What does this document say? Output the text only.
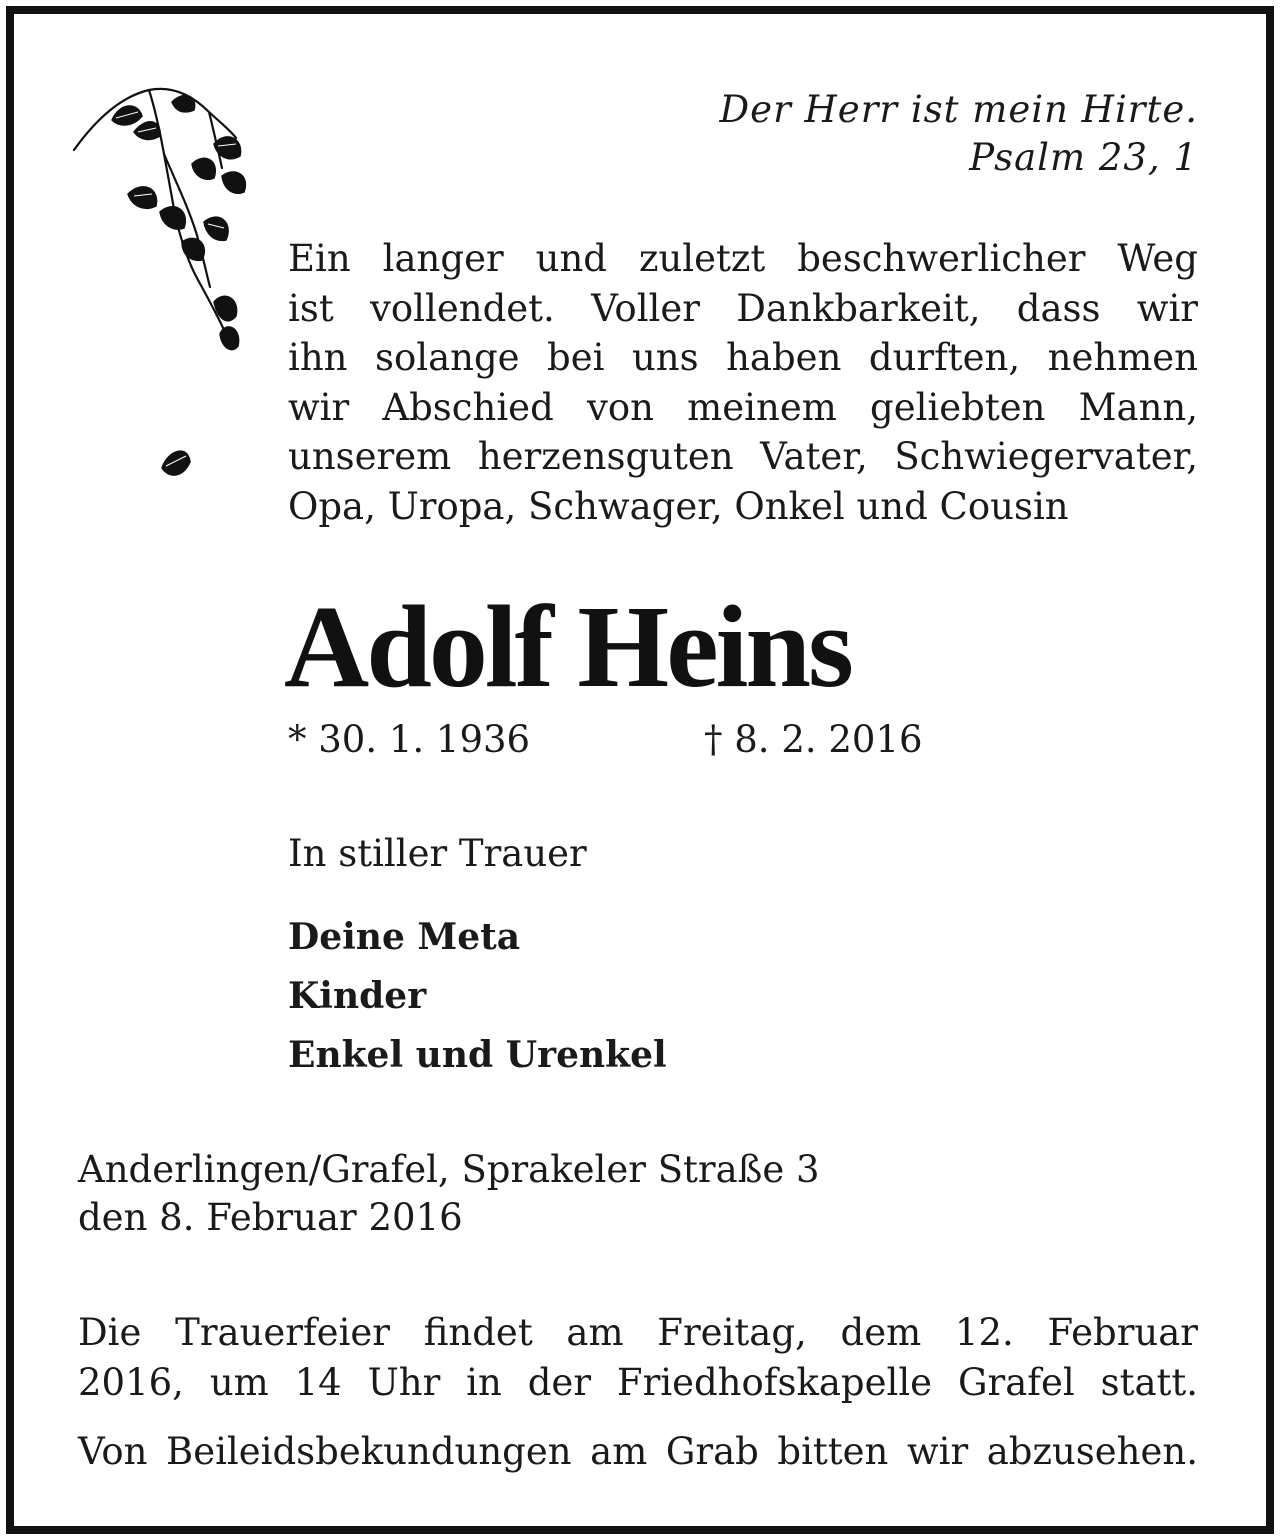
Der Herr ist mein Hirte.
Psalm 23, 1
Ein langer und zuletzt beschwerlicher Weg
ist vollendet. Voller Dankbarkeit, dass wir
ihn solange bei uns haben durften, nehmen
wir Abschied von meinem geliebten Mann,
unserem herzensguten Vater, Schwiegervater,
Opa, Uropa, Schwager, Onkel und Cousin
Adolf Heins
* 30. 1. 1936	† 8. 2. 2016
In stiller Trauer
Deine Meta
Kinder
Enkel und Urenkel
Anderlingen/Grafel, Sprakeler Straße 3
den 8. Februar 2016
Die Trauerfeier findet am Freitag, dem 12. Februar
2016, um 14 Uhr in der Friedhofskapelle Grafel statt.
Von Beileidsbekundungen am Grab bitten wir abzusehen.
